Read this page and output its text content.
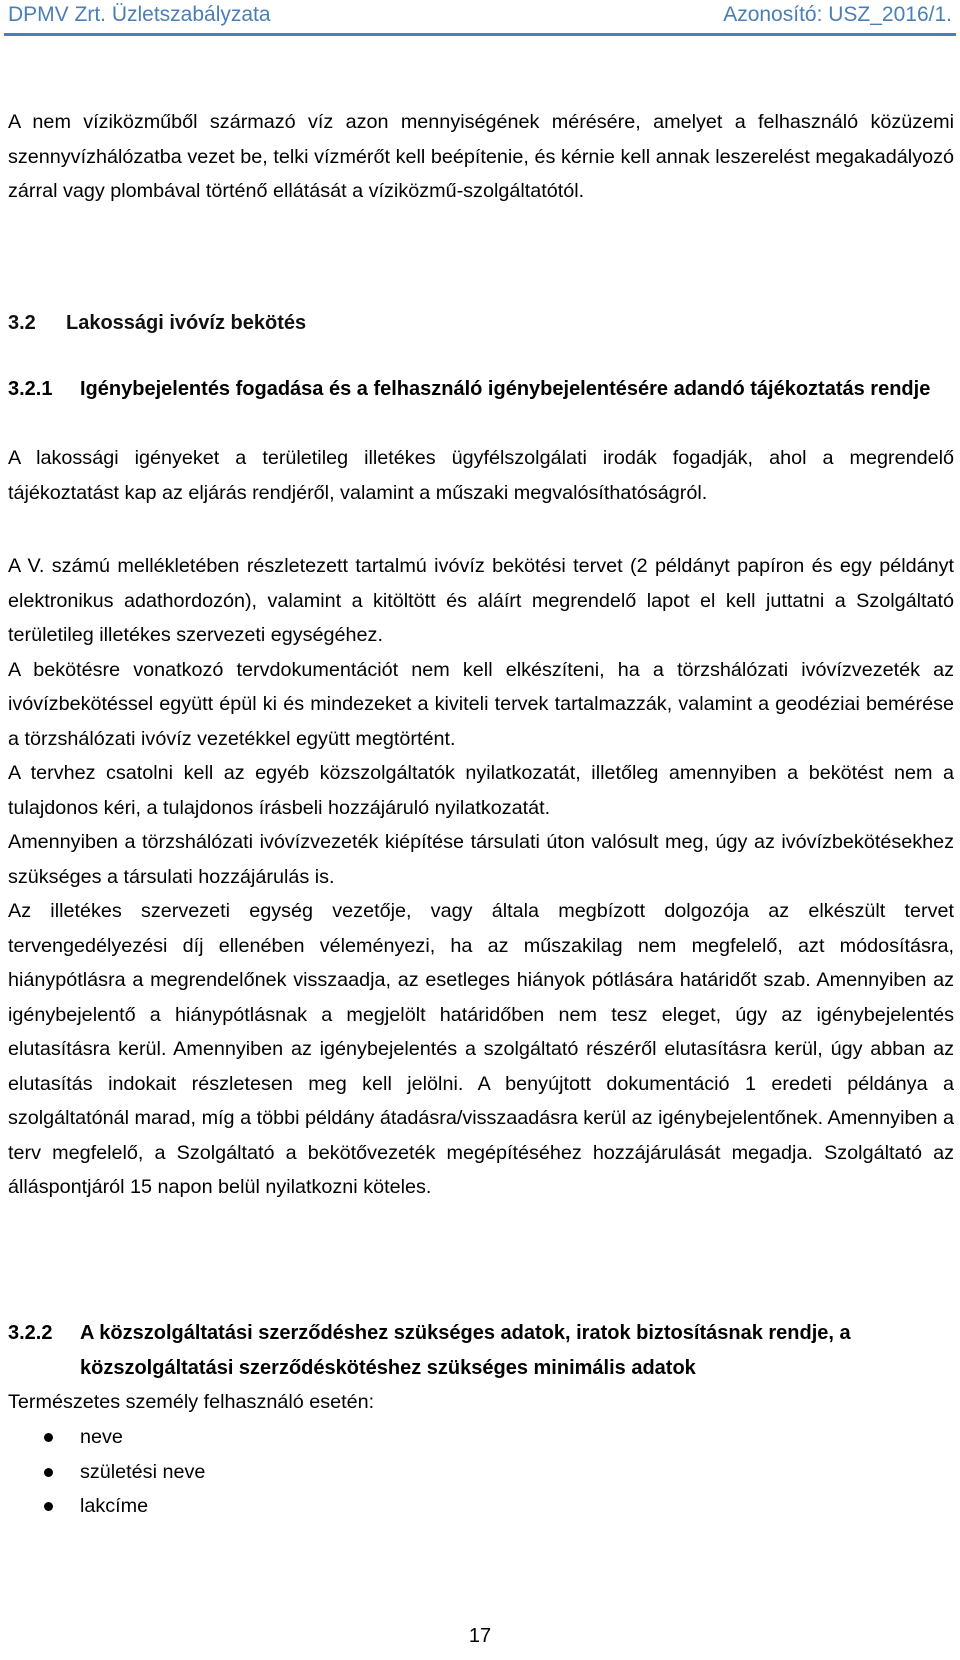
DPMV Zrt. Üzletszabályzata	Azonosító: USZ_2016/1.

A nem víziközműből származó víz azon mennyiségének mérésére, amelyet a felhasználó közüzemi szennyvízhálózatba vezet be, telki vízmérőt kell beépítenie, és kérnie kell annak leszerelést megakadályozó zárral vagy plombával történő ellátását a víziközmű-szolgáltatótól.

3.2 Lakossági ivóvíz bekötés
3.2.1	Igénybejelentés fogadása és a felhasználó igénybejelentésére adandó tájékoztatás rendje

A lakossági igényeket a területileg illetékes ügyfélszolgálati irodák fogadják, ahol a megrendelő tájékoztatást kap az eljárás rendjéről, valamint a műszaki megvalósíthatóságról.

A V. számú mellékletében részletezett tartalmú ivóvíz bekötési tervet (2 példányt papíron és egy példányt elektronikus adathordozón), valamint a kitöltött és aláírt megrendelő lapot el kell juttatni a Szolgáltató területileg illetékes szervezeti egységéhez.

A bekötésre vonatkozó tervdokumentációt nem kell elkészíteni, ha a törzshálózati ivóvízvezeték az ivóvízbekötéssel együtt épül ki és mindezeket a kiviteli tervek tartalmazzák, valamint a geodéziai bemérése a törzshálózati ivóvíz vezetékkel együtt megtörtént.

A tervhez csatolni kell az egyéb közszolgáltatók nyilatkozatát, illetőleg amennyiben a bekötést nem a tulajdonos kéri, a tulajdonos írásbeli hozzájáruló nyilatkozatát.

Amennyiben a törzshálózati ivóvízvezeték kiépítése társulati úton valósult meg, úgy az ivóvízbekötésekhez szükséges a társulati hozzájárulás is.

Az illetékes szervezeti egység vezetője, vagy általa megbízott dolgozója az elkészült tervet tervengedélyezési díj ellenében véleményezi, ha az műszakilag nem megfelelő, azt módosításra, hiánypótlásra a megrendelőnek visszaadja, az esetleges hiányok pótlására határidőt szab. Amennyiben az igénybejelentő a hiánypótlásnak a megjelölt határidőben nem tesz eleget, úgy az igénybejelentés elutasításra kerül. Amennyiben az igénybejelentés a szolgáltató részéről elutasításra kerül, úgy abban az elutasítás indokait részletesen meg kell jelölni. A benyújtott dokumentáció 1 eredeti példánya a szolgáltatónál marad, míg a többi példány átadásra/visszaadásra kerül az igénybejelentőnek. Amennyiben a terv megfelelő, a Szolgáltató a bekötővezeték megépítéséhez hozzájárulását megadja. Szolgáltató az álláspontjáról 15 napon belül nyilatkozni köteles.

3.2.2	A közszolgáltatási szerződéshez szükséges adatok, iratok biztosításnak rendje, a közszolgáltatási szerződéskötéshez szükséges minimális adatok
Természetes személy felhasználó esetén:
neve
születési neve
lakcíme
17
